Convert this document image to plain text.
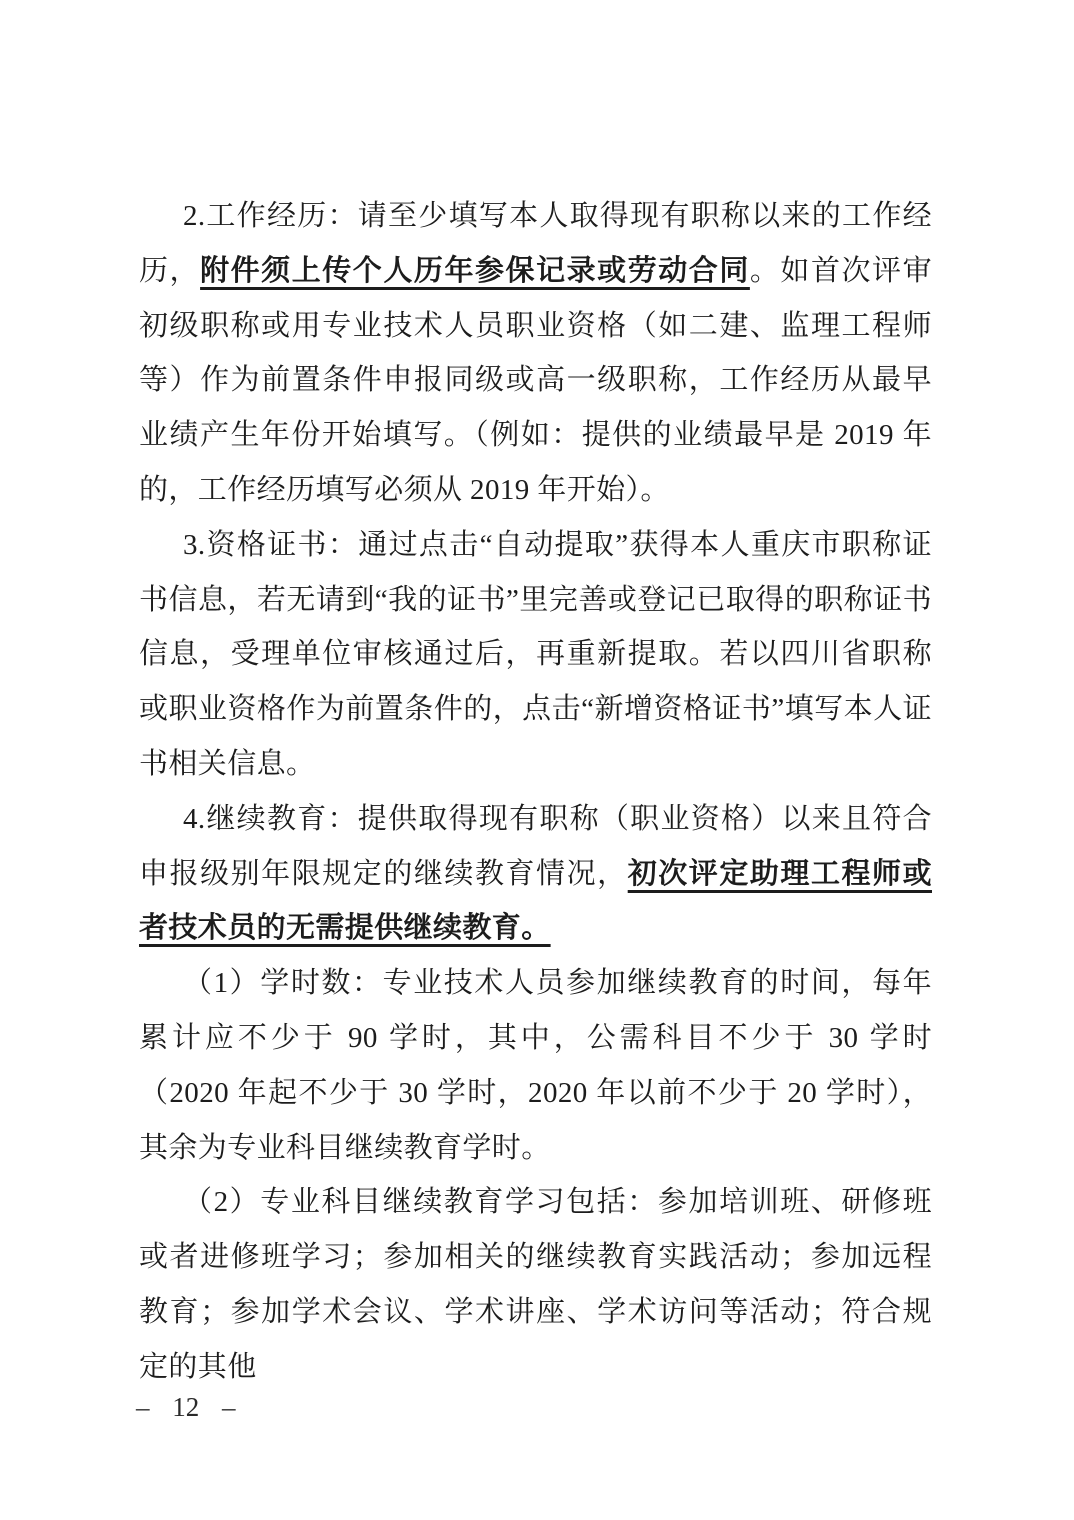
2.工作经历：请至少填写本人取得现有职称以来的工作经历，附件须上传个人历年参保记录或劳动合同。如首次评审初级职称或用专业技术人员职业资格（如二建、监理工程师等）作为前置条件申报同级或高一级职称，工作经历从最早业绩产生年份开始填写。（例如：提供的业绩最早是 2019 年的，工作经历填写必须从 2019 年开始）。

3.资格证书：通过点击“自动提取”获得本人重庆市职称证书信息，若无请到“我的证书”里完善或登记已取得的职称证书信息，受理单位审核通过后，再重新提取。若以四川省职称或职业资格作为前置条件的，点击“新增资格证书”填写本人证书相关信息。

4.继续教育：提供取得现有职称（职业资格）以来且符合申报级别年限规定的继续教育情况，初次评定助理工程师或者技术员的无需提供继续教育。

（1）学时数：专业技术人员参加继续教育的时间，每年累计应不少于 90 学时，其中，公需科目不少于 30 学时（2020 年起不少于 30 学时，2020 年以前不少于 20 学时），其余为专业科目继续教育学时。

（2）专业科目继续教育学习包括：参加培训班、研修班或者进修班学习；参加相关的继续教育实践活动；参加远程教育；参加学术会议、学术讲座、学术访问等活动；符合规定的其他

– 12 –
